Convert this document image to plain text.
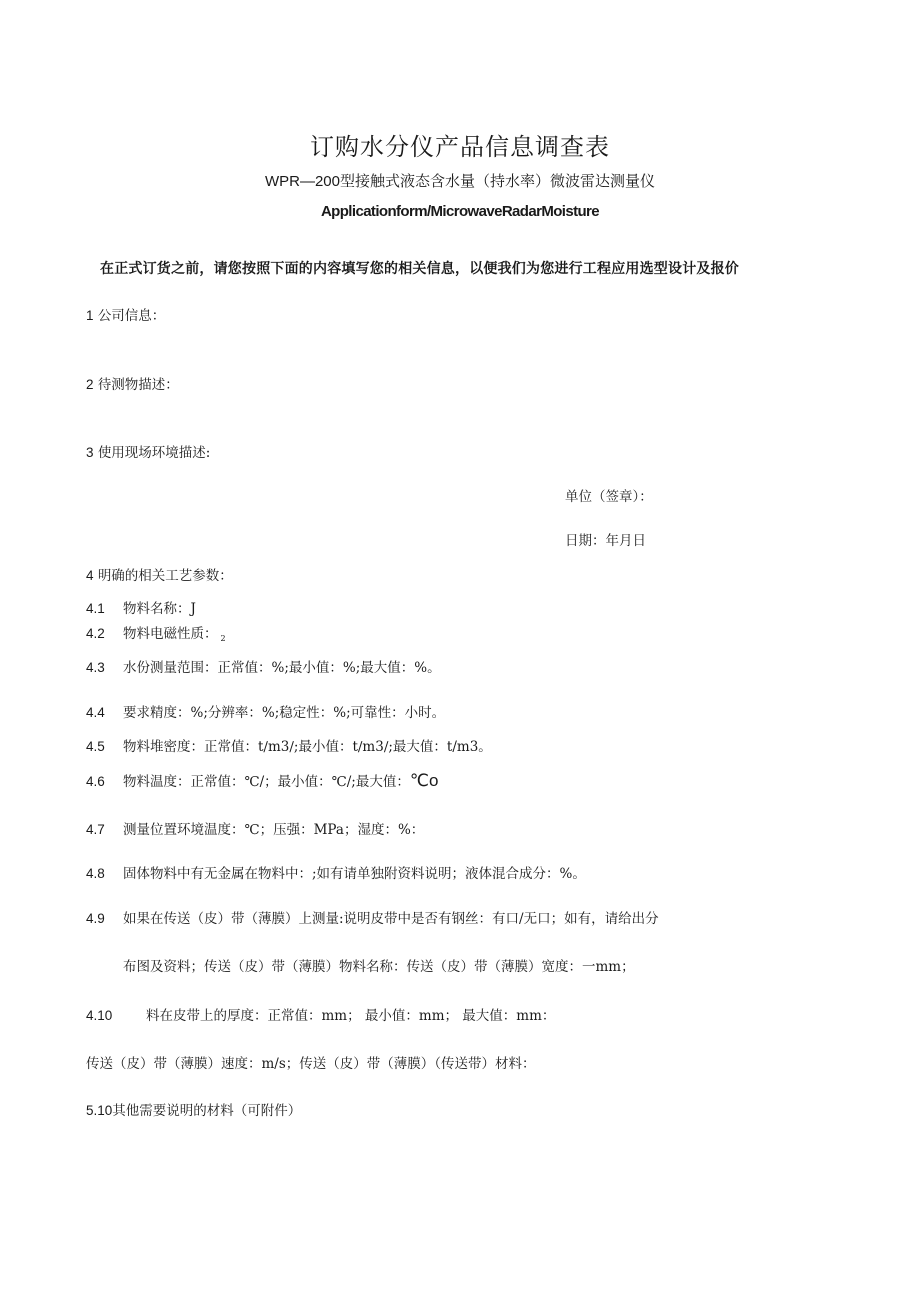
订购水分仪产品信息调查表
WPR—200型接触式液态含水量（持水率）微波雷达测量仪
Applicationform/MicrowaveRadarMoisture
在正式订货之前，请您按照下面的内容填写您的相关信息，以便我们为您进行工程应用选型设计及报价
1 公司信息：
2 待测物描述：
3 使用现场环境描述:
单位（签章）：
日期：年月日
4 明确的相关工艺参数：
4.1 物料名称：J
4.2 物料电磁性质： $_2$
4.3 水份测量范围：正常值：%;最小值：%;最大值：%。
4.4 要求精度：%;分辨率：%;稳定性：%;可靠性：小时。
4.5 物料堆密度：正常值：t∕m3∕;最小值：t∕m3∕;最大值：t/m3。
4.6 物料温度：正常值：℃/；最小值：℃/;最大值：℃o
4.7 测量位置环境温度：℃；压强：MPa；湿度：%：
4.8 固体物料中有无金属在物料中：;如有请单独附资料说明；液体混合成分：%。
4.9 如果在传送（皮）带（薄膜）上测量:说明皮带中是否有钢丝：有口/无口；如有，请给出分
布图及资料；传送（皮）带（薄膜）物料名称：传送（皮）带（薄膜）宽度：一mm；
4.10 料在皮带上的厚度：正常值：mm； 最小值：mm； 最大值：mm：
传送（皮）带（薄膜）速度：m/s；传送（皮）带（薄膜）（传送带）材料：
5.10其他需要说明的材料（可附件）
